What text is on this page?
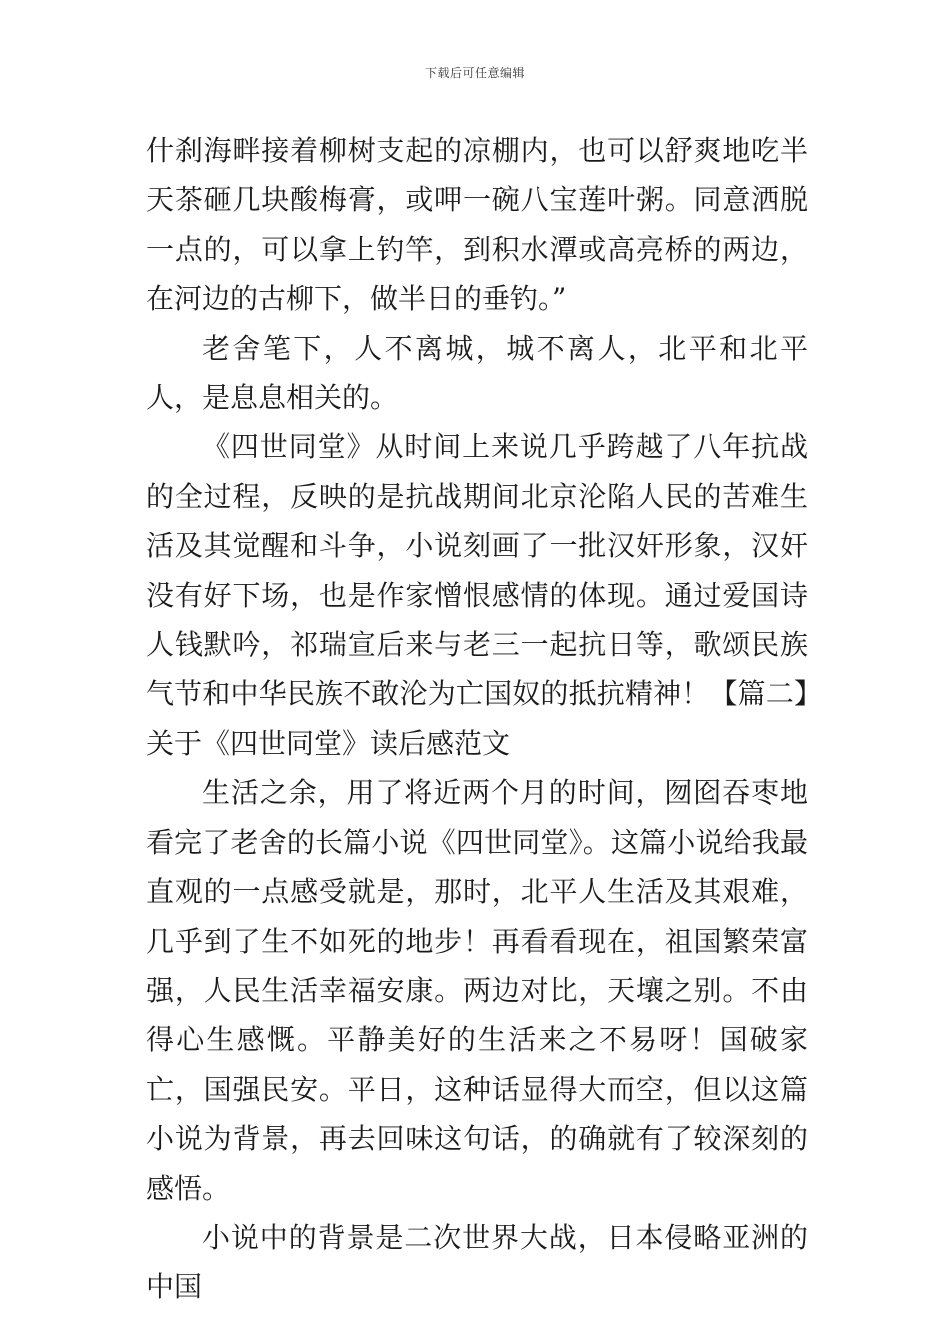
下载后可任意编辑

什刹海畔接着柳树支起的凉棚内，也可以舒爽地吃半天茶砸几块酸梅膏，或呷一碗八宝莲叶粥。同意洒脱一点的，可以拿上钓竿，到积水潭或高亮桥的两边，在河边的古柳下，做半日的垂钓。”

老舍笔下，人不离城，城不离人，北平和北平人，是息息相关的。

《四世同堂》从时间上来说几乎跨越了八年抗战的全过程，反映的是抗战期间北京沦陷人民的苦难生活及其觉醒和斗争，小说刻画了一批汉奸形象，汉奸没有好下场，也是作家憎恨感情的体现。通过爱国诗人钱默吟，祁瑞宣后来与老三一起抗日等，歌颂民族气节和中华民族不敢沦为亡国奴的抵抗精神！【篇二】关于《四世同堂》读后感范文

生活之余，用了将近两个月的时间，囫囵吞枣地看完了老舍的长篇小说《四世同堂》。这篇小说给我最直观的一点感受就是，那时，北平人生活及其艰难，几乎到了生不如死的地步！再看看现在，祖国繁荣富强，人民生活幸福安康。两边对比，天壤之别。不由得心生感慨。平静美好的生活来之不易呀！国破家亡，国强民安。平日，这种话显得大而空，但以这篇小说为背景，再去回味这句话，的确就有了较深刻的感悟。

小说中的背景是二次世界大战，日本侵略亚洲的中国
